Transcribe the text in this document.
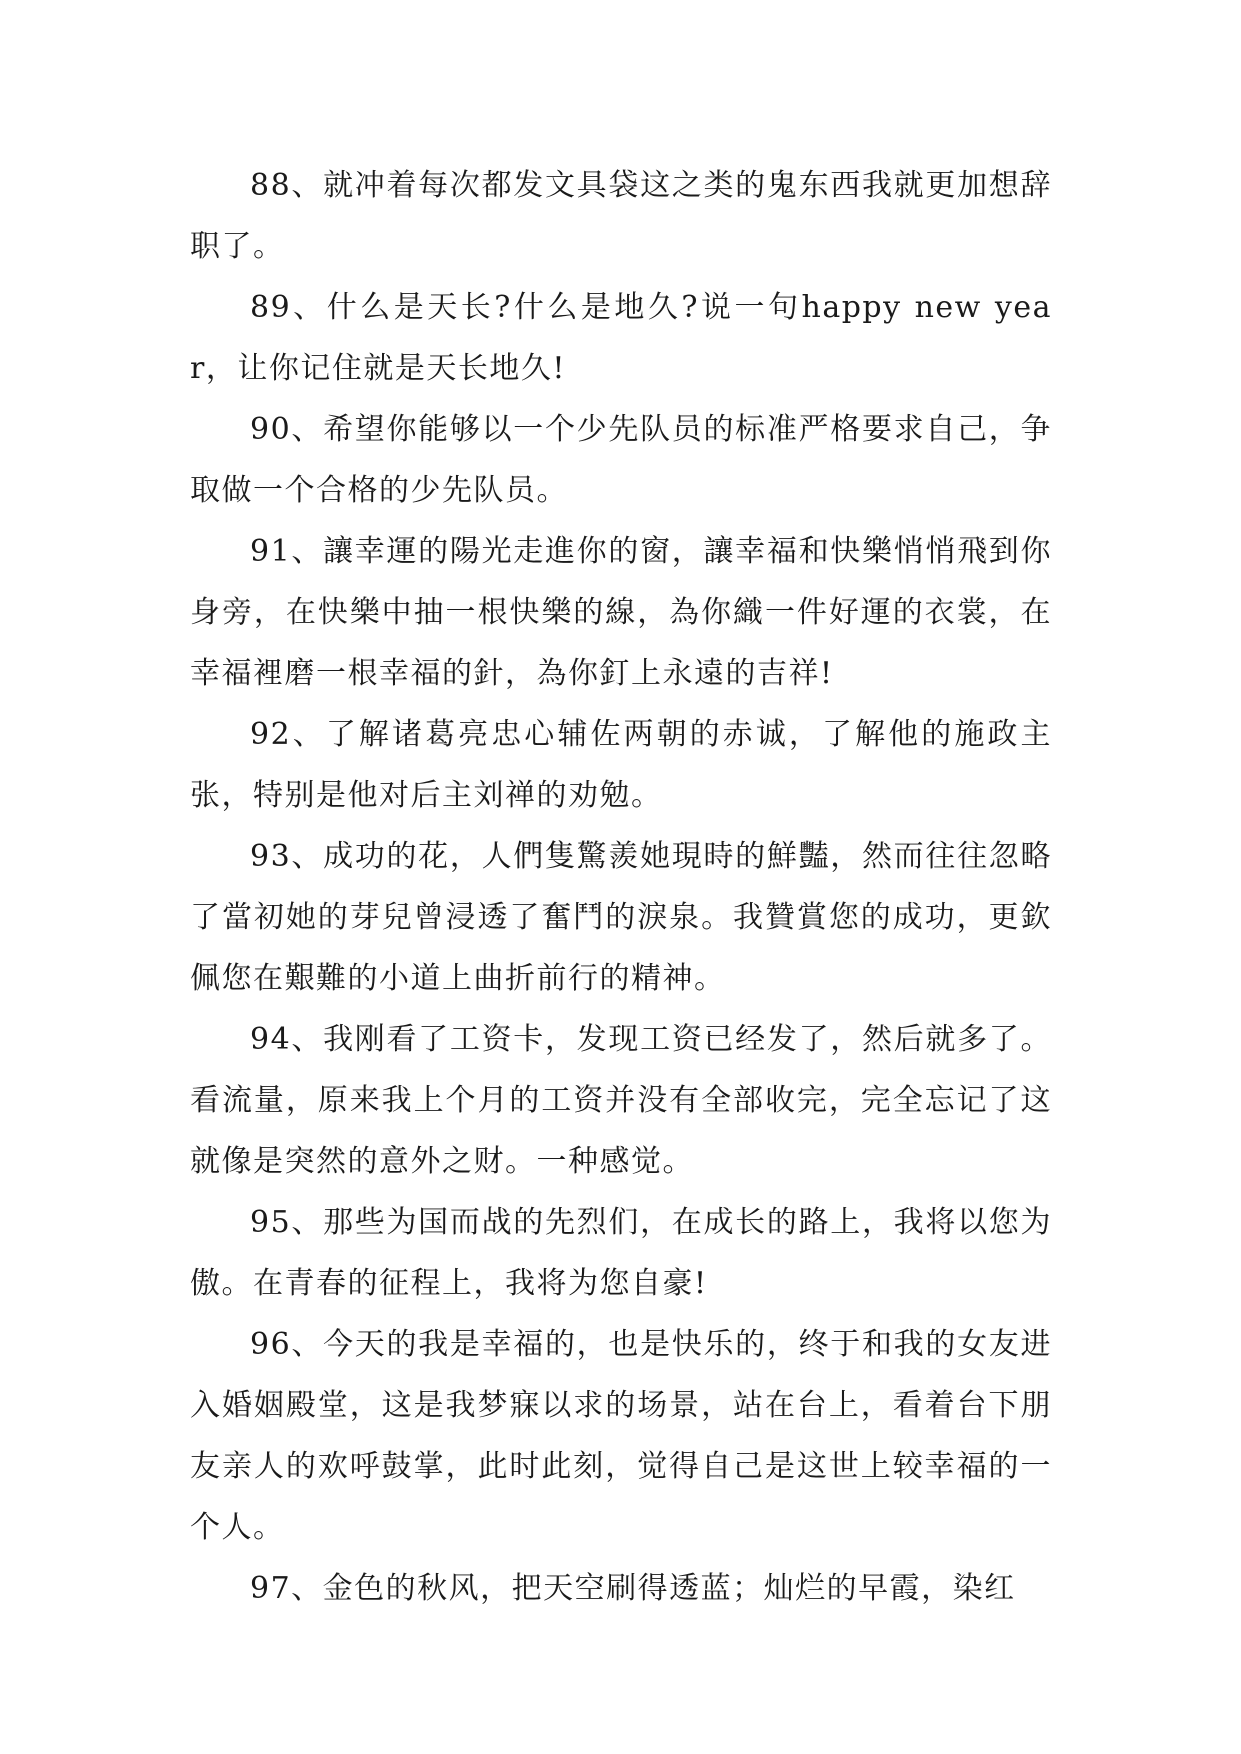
88、就冲着每次都发文具袋这之类的鬼东西我就更加想辞职了。

89、什么是天长?什么是地久?说一句happy new year，让你记住就是天长地久!

90、希望你能够以一个少先队员的标准严格要求自己，争取做一个合格的少先队员。

91、讓幸運的陽光走進你的窗，讓幸福和快樂悄悄飛到你身旁，在快樂中抽一根快樂的線，為你織一件好運的衣裳，在幸福裡磨一根幸福的針，為你釘上永遠的吉祥!

92、了解诸葛亮忠心辅佐两朝的赤诚，了解他的施政主张，特别是他对后主刘禅的劝勉。

93、成功的花，人們隻驚羨她現時的鮮豔，然而往往忽略了當初她的芽兒曾浸透了奮鬥的淚泉。我贊賞您的成功，更欽佩您在艱難的小道上曲折前行的精神。

94、我刚看了工资卡，发现工资已经发了，然后就多了。看流量，原来我上个月的工资并没有全部收完，完全忘记了这就像是突然的意外之财。一种感觉。

95、那些为国而战的先烈们，在成长的路上，我将以您为傲。在青春的征程上，我将为您自豪!

96、今天的我是幸福的，也是快乐的，终于和我的女友进入婚姻殿堂，这是我梦寐以求的场景，站在台上，看着台下朋友亲人的欢呼鼓掌，此时此刻，觉得自己是这世上较幸福的一个人。

97、金色的秋风，把天空刷得透蓝；灿烂的早霞，染红
